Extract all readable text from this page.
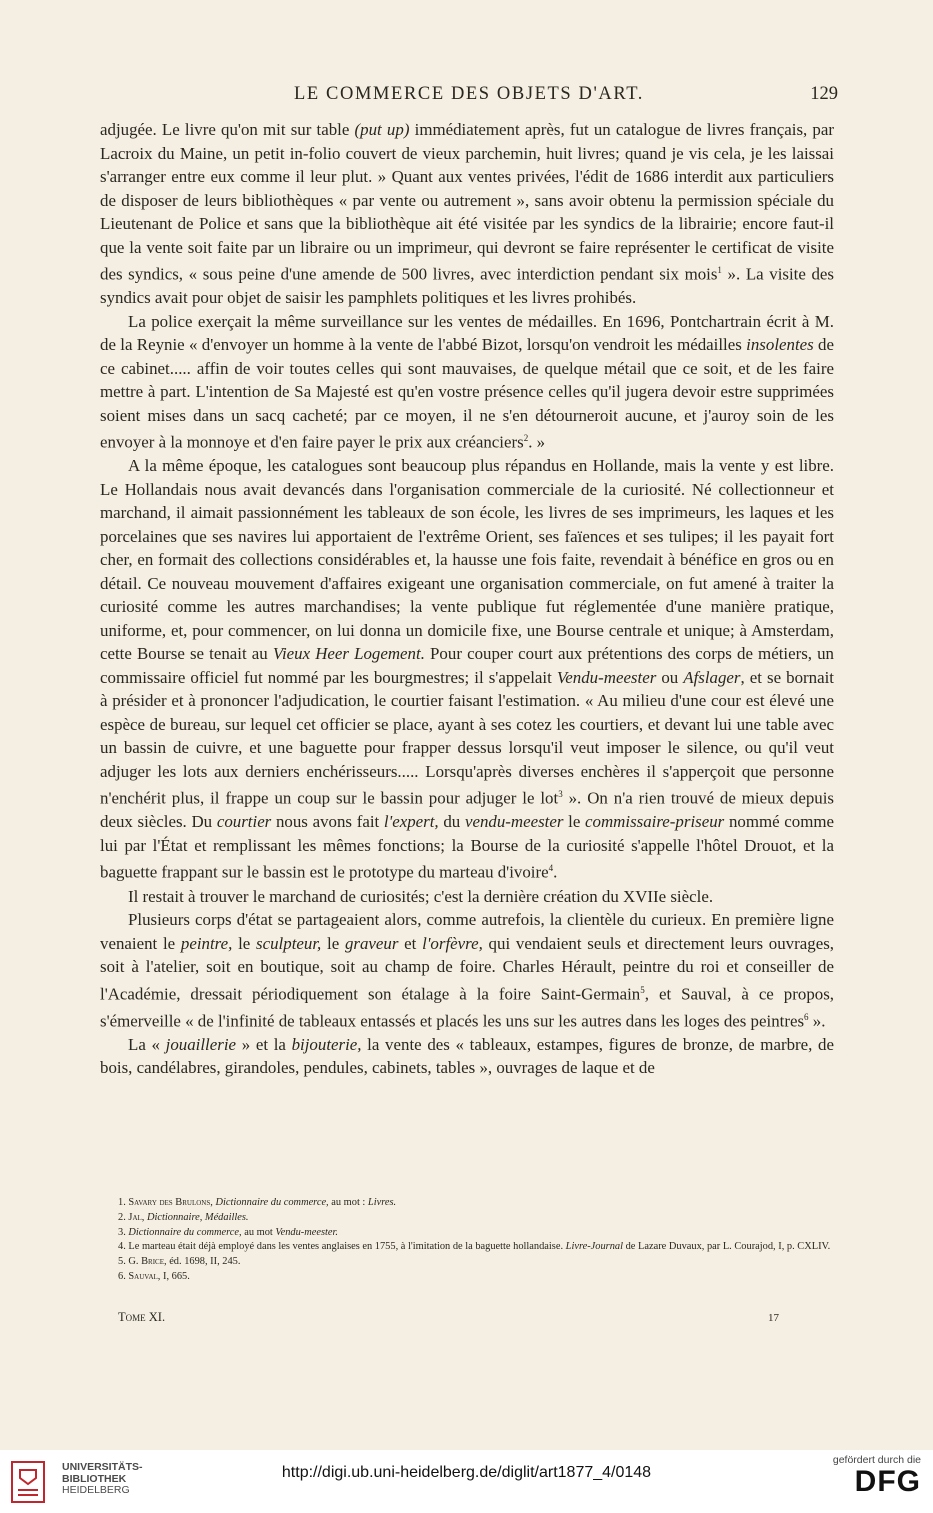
LE COMMERCE DES OBJETS D'ART.	129

adjugée. Le livre qu'on mit sur table (put up) immédiatement après, fut un catalogue de livres français, par Lacroix du Maine, un petit in-folio couvert de vieux parchemin, huit livres; quand je vis cela, je les laissai s'arranger entre eux comme il leur plut. » Quant aux ventes privées, l'édit de 1686 interdit aux particuliers de disposer de leurs bibliothèques « par vente ou autrement », sans avoir obtenu la permission spéciale du Lieutenant de Police et sans que la bibliothèque ait été visitée par les syndics de la librairie; encore faut-il que la vente soit faite par un libraire ou un imprimeur, qui devront se faire représenter le certificat de visite des syndics, « sous peine d'une amende de 500 livres, avec interdiction pendant six mois$^1$ ». La visite des syndics avait pour objet de saisir les pamphlets politiques et les livres prohibés.

La police exerçait la même surveillance sur les ventes de médailles. En 1696, Pontchartrain écrit à M. de la Reynie « d'envoyer un homme à la vente de l'abbé Bizot, lorsqu'on vendroit les médailles insolentes de ce cabinet..... affin de voir toutes celles qui sont mauvaises, de quelque métail que ce soit, et de les faire mettre à part. L'intention de Sa Majesté est qu'en vostre présence celles qu'il jugera devoir estre supprimées soient mises dans un sacq cacheté; par ce moyen, il ne s'en détourneroit aucune, et j'auroy soin de les envoyer à la monnoye et d'en faire payer le prix aux créanciers$^2$. »

A la même époque, les catalogues sont beaucoup plus répandus en Hollande, mais la vente y est libre. Le Hollandais nous avait devancés dans l'organisation commerciale de la curiosité. Né collectionneur et marchand, il aimait passionnément les tableaux de son école, les livres de ses imprimeurs, les laques et les porcelaines que ses navires lui apportaient de l'extrême Orient, ses faïences et ses tulipes; il les payait fort cher, en formait des collections considérables et, la hausse une fois faite, revendait à bénéfice en gros ou en détail. Ce nouveau mouvement d'affaires exigeant une organisation commerciale, on fut amené à traiter la curiosité comme les autres marchandises; la vente publique fut réglementée d'une manière pratique, uniforme, et, pour commencer, on lui donna un domicile fixe, une Bourse centrale et unique; à Amsterdam, cette Bourse se tenait au Vieux Heer Logement. Pour couper court aux prétentions des corps de métiers, un commissaire officiel fut nommé par les bourgmestres; il s'appelait Vendu-meester ou Afslager, et se bornait à présider et à prononcer l'adjudication, le courtier faisant l'estimation. « Au milieu d'une cour est élevé une espèce de bureau, sur lequel cet officier se place, ayant à ses cotez les courtiers, et devant lui une table avec un bassin de cuivre, et une baguette pour frapper dessus lorsqu'il veut imposer le silence, ou qu'il veut adjuger les lots aux derniers enchérisseurs..... Lorsqu'après diverses enchères il s'apperçoit que personne n'enchérit plus, il frappe un coup sur le bassin pour adjuger le lot$^3$ ». On n'a rien trouvé de mieux depuis deux siècles. Du courtier nous avons fait l'expert, du vendu-meester le commissaire-priseur nommé comme lui par l'État et remplissant les mêmes fonctions; la Bourse de la curiosité s'appelle l'hôtel Drouot, et la baguette frappant sur le bassin est le prototype du marteau d'ivoire$^4$.

Il restait à trouver le marchand de curiosités; c'est la dernière création du XVIIe siècle.

Plusieurs corps d'état se partageaient alors, comme autrefois, la clientèle du curieux. En première ligne venaient le peintre, le sculpteur, le graveur et l'orfèvre, qui vendaient seuls et directement leurs ouvrages, soit à l'atelier, soit en boutique, soit au champ de foire. Charles Hérault, peintre du roi et conseiller de l'Académie, dressait périodiquement son étalage à la foire Saint-Germain$^5$, et Sauval, à ce propos, s'émerveille « de l'infinité de tableaux entassés et placés les uns sur les autres dans les loges des peintres$^6$ ».

La « jouaillerie » et la bijouterie, la vente des « tableaux, estampes, figures de bronze, de marbre, de bois, candélabres, girandoles, pendules, cabinets, tables », ouvrages de laque et de

1. Savary des Brulons, Dictionnaire du commerce, au mot : Livres.

2. Jal, Dictionnaire, Médailles.

3. Dictionnaire du commerce, au mot Vendu-meester.

4. Le marteau était déjà employé dans les ventes anglaises en 1755, à l'imitation de la baguette hollandaise. Livre-Journal de Lazare Duvaux, par L. Courajod, I, p. CXLIV.

5. G. Brice, éd. 1698, II, 245.

6. Sauval, I, 665.

Tome XI.	17
UNIVERSITÄTS-
BIBLIOTHEK
HEIDELBERG
http://digi.ub.uni-heidelberg.de/diglit/art1877_4/0148
gefördert durch die
DFG
